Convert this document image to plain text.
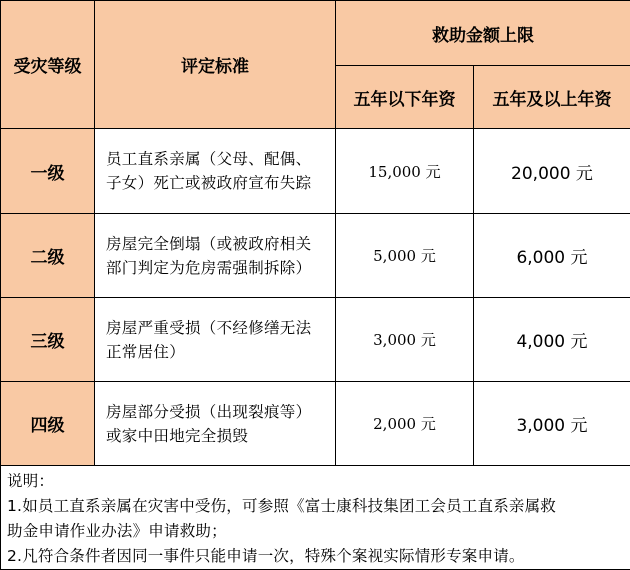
受灾等级	评定标准	救助金额上限	
		五年以下年资	五年及以上年资
一级	员工直系亲属（父母、配偶、
子女）死亡或被政府宣布失踪	15,000 元	20,000 元
二级	房屋完全倒塌（或被政府相关
部门判定为危房需强制拆除）	5,000 元	6,000 元
三级	房屋严重受损（不经修缮无法
正常居住）	3,000 元	4,000 元
四级	房屋部分受损（出现裂痕等）
或家中田地完全损毁	2,000 元	3,000 元

说明：
1.如员工直系亲属在灾害中受伤，可参照《富士康科技集团工会员工直系亲属救
助金申请作业办法》申请救助；
2.凡符合条件者因同一事件只能申请一次，特殊个案视实际情形专案申请。			
